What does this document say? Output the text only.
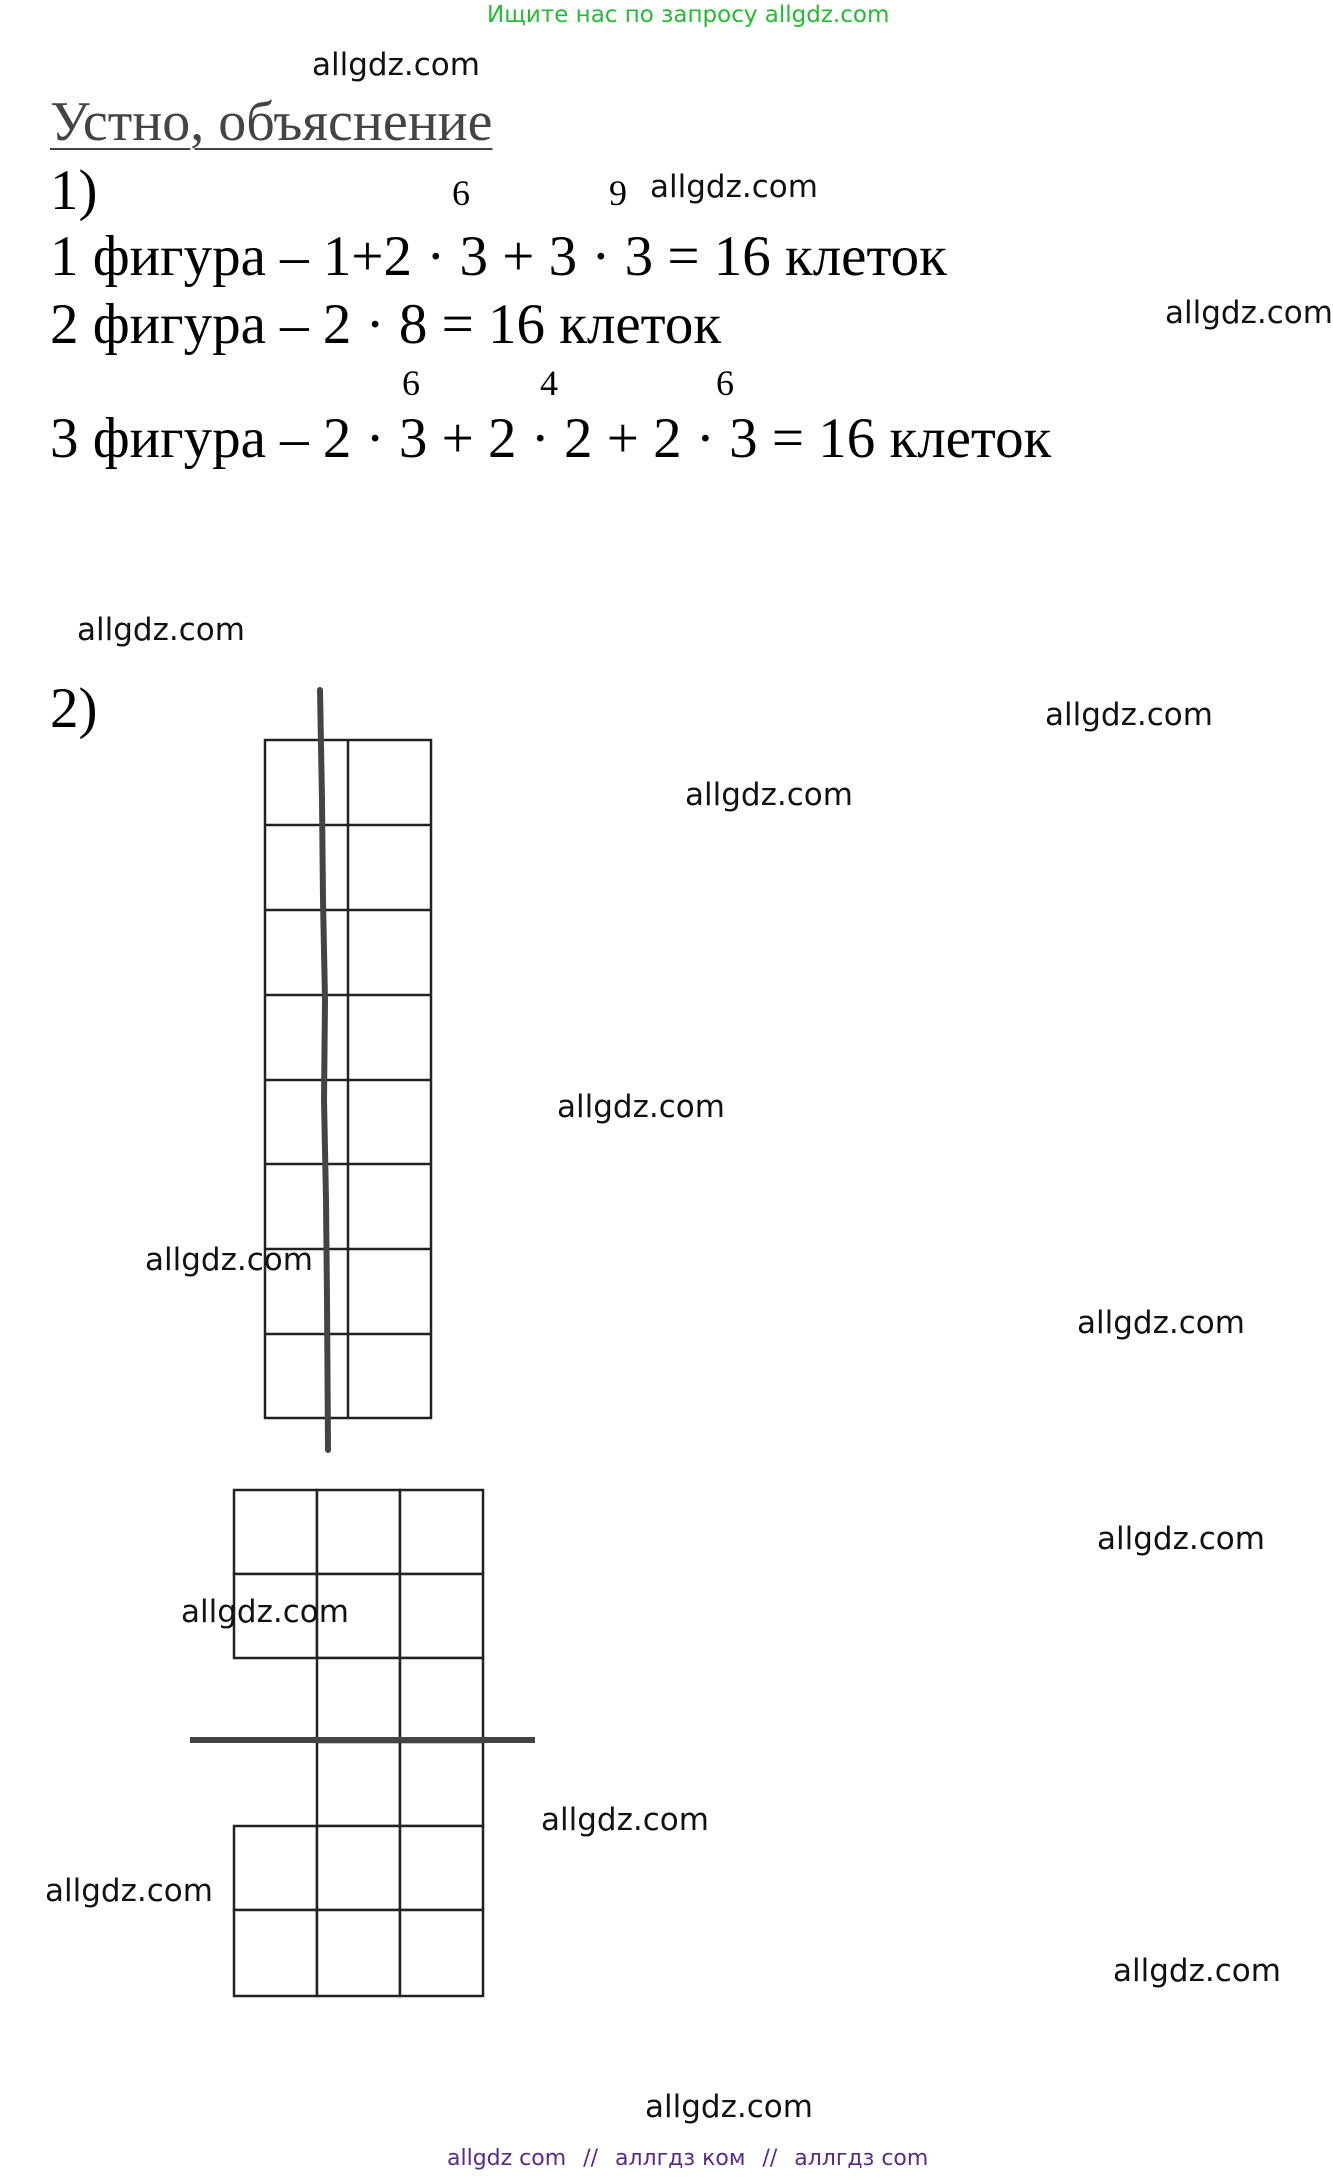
Ищите нас по запросу allgdz.com
Устно, объяснение
1)	6	9
1 фигура – 1+2 · 3 + 3 · 3 = 16 клеток
2 фигура – 2 · 8 = 16 клеток
6	4	6
3 фигура – 2 · 3 + 2 · 2 + 2 · 3 = 16 клеток
2)
allgdz.com
allgdz.com
allgdz.com
allgdz.com
allgdz.com
allgdz.com
allgdz.com
allgdz.com
allgdz.com
allgdz.com
allgdz.com
allgdz.com
allgdz.com
allgdz.com
allgdz.com
allgdz com // аллгдз ком // аллгдз com
